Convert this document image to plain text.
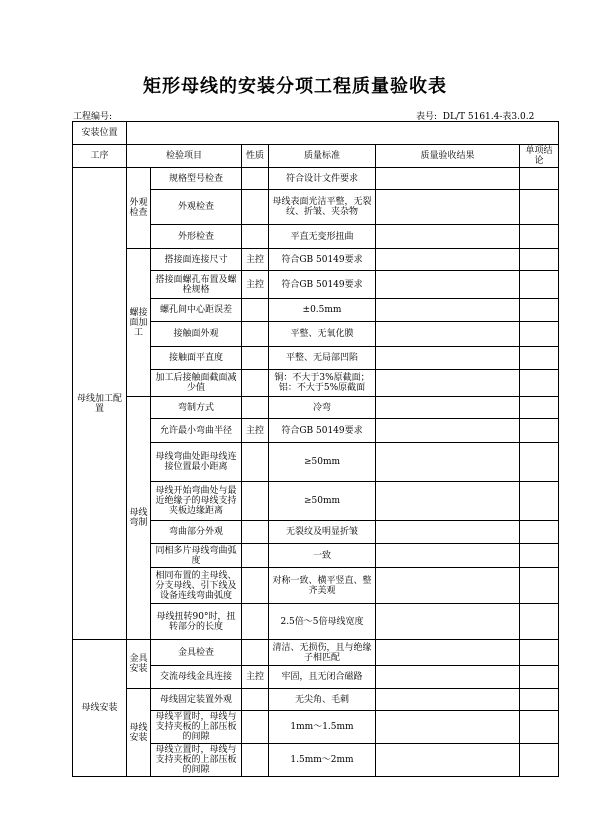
矩形母线的安装分项工程质量验收表
工程编号:	表号: DL/T 5161.4-表3.0.2
安装位置						
工序	检验项目		性质	质量标准	质量验收结果	单项结论
母线加工配置	外观检查	规格型号检查		符合设计文件要求		
		外观检查		母线表面光洁平整，无裂纹、折皱、夹杂物		
		外形检查		平直无变形扭曲		
	螺接面加工	搭接面连接尺寸	主控	符合GB 50149要求		
		搭接面螺孔布置及螺栓规格	主控	符合GB 50149要求		
		螺孔间中心距误差		±0.5mm		
		接触面外观		平整、无氧化膜		
		接触面平直度		平整、无局部凹陷		
		加工后接触面截面减少值		铜：不大于3%原截面；铝：不大于5%原截面		
	母线弯制	弯制方式		冷弯		
		允许最小弯曲半径	主控	符合GB 50149要求		
		母线弯曲处距母线连接位置最小距离		≥50mm		
		母线开始弯曲处与最近绝缘子的母线支持夹板边缘距离		≥50mm		
		弯曲部分外观		无裂纹及明显折皱		
		同相多片母线弯曲弧度		一致		
		相同布置的主母线、分支母线、引下线及设备连线弯曲弧度		对称一致、横平竖直、整齐美观		
		母线扭转90°时，扭转部分的长度		2.5倍～5倍母线宽度		
母线安装	金具安装	金具检查		清洁、无损伤，且与绝缘子相匹配		
		交流母线金具连接	主控	牢固，且无闭合磁路		
	母线安装	母线固定装置外观		无尖角、毛刺		
		母线平置时，母线与支持夹板的上部压板的间隙		1mm～1.5mm		
		母线立置时，母线与支持夹板的上部压板的间隙		1.5mm～2mm		
